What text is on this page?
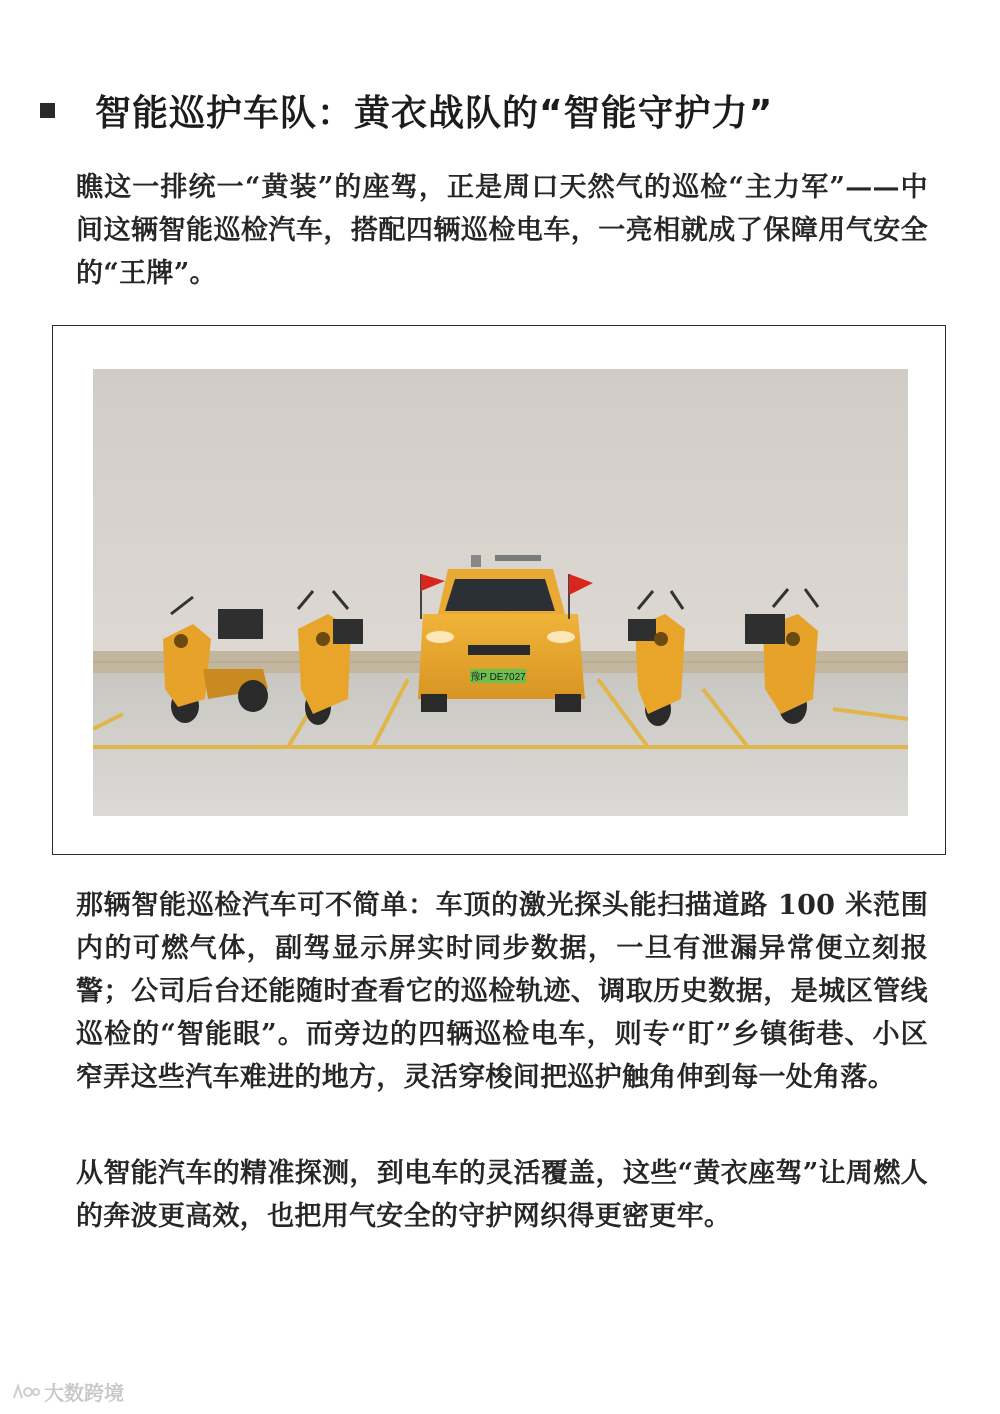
智能巡护车队：黄衣战队的“智能守护力”

瞧这一排统一“黄装”的座驾，正是周口天然气的巡检“主力军”——中间这辆智能巡检汽车，搭配四辆巡检电车，一亮相就成了保障用气安全的“王牌”。

豫P DE7027

那辆智能巡检汽车可不简单：车顶的激光探头能扫描道路 100 米范围内的可燃气体，副驾显示屏实时同步数据，一旦有泄漏异常便立刻报警；公司后台还能随时查看它的巡检轨迹、调取历史数据，是城区管线巡检的“智能眼”。而旁边的四辆巡检电车，则专“盯”乡镇街巷、小区窄弄这些汽车难进的地方，灵活穿梭间把巡护触角伸到每一处角落。

从智能汽车的精准探测，到电车的灵活覆盖，这些“黄衣座驾”让周燃人的奔波更高效，也把用气安全的守护网织得更密更牢。

大数跨境
